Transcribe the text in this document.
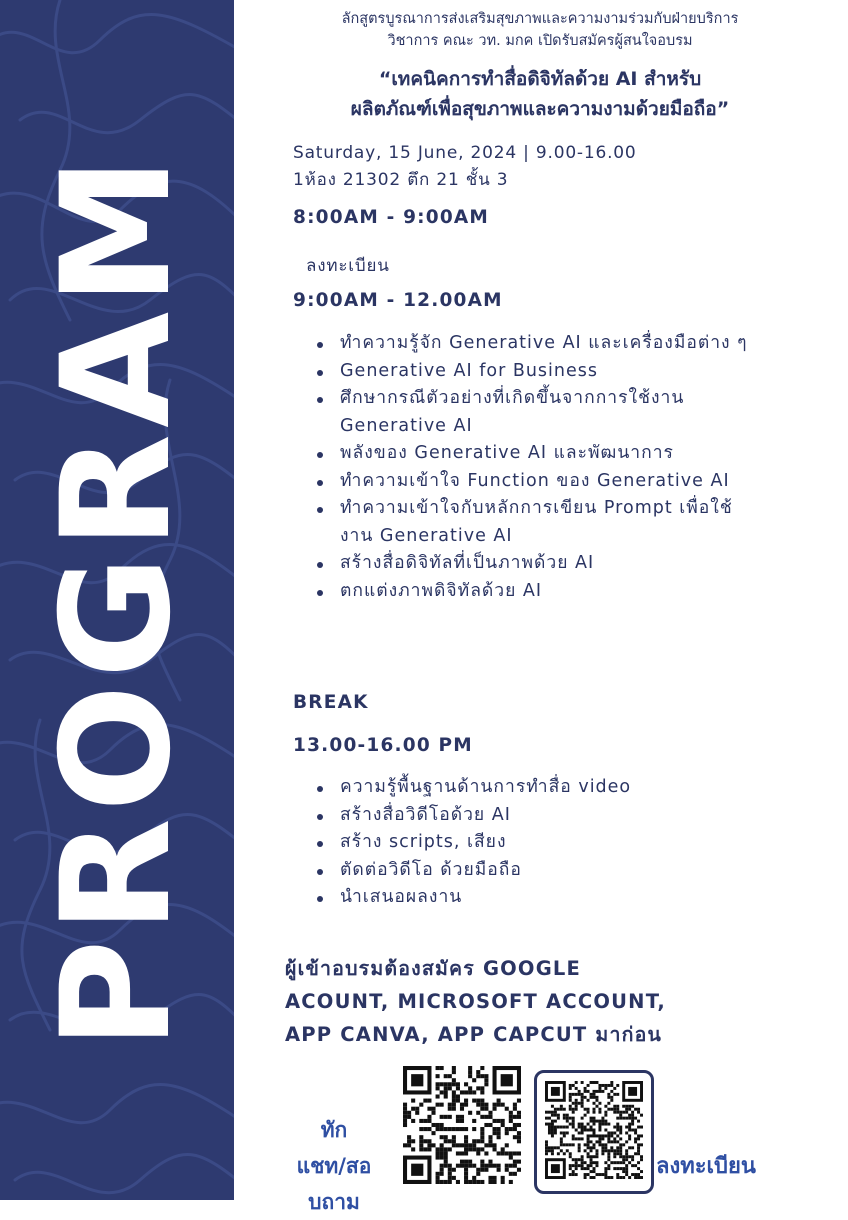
PROGRAM
ลักสูตรบูรณาการส่งเสริมสุขภาพและความงามร่วมกับฝ่ายบริการ
วิชาการ คณะ วท. มกค เปิดรับสมัครผู้สนใจอบรม
“เทคนิคการทำสื่อดิจิทัลด้วย AI สำหรับ
ผลิตภัณฑ์เพื่อสุขภาพและความงามด้วยมือถือ”
Saturday, 15 June, 2024 | 9.00-16.00
1ห้อง 21302 ตึก 21 ชั้น 3
8:00AM - 9:00AM
ลงทะเบียน
9:00AM - 12.00AM
ทำความรู้จัก Generative AI และเครื่องมือต่าง ๆ
Generative AI for Business
ศึกษากรณีตัวอย่างที่เกิดขึ้นจากการใช้งาน Generative AI
พลังของ Generative AI และพัฒนาการ
ทำความเข้าใจ Function ของ Generative AI
ทำความเข้าใจกับหลักการเขียน Prompt เพื่อใช้งาน Generative AI
สร้างสื่อดิจิทัลที่เป็นภาพด้วย AI
ตกแต่งภาพดิจิทัลด้วย AI
BREAK
13.00-16.00 PM
ความรู้พื้นฐานด้านการทำสื่อ video
สร้างสื่อวิดีโอด้วย AI
สร้าง scripts, เสียง
ตัดต่อวิดีโอ ด้วยมือถือ
นำเสนอผลงาน
ผู้เข้าอบรมต้องสมัคร GOOGLE
ACOUNT, MICROSOFT ACCOUNT,
APP CANVA, APP CAPCUT มาก่อน
ทัก
แชท/สอ
บถาม
ลงทะเบียน
